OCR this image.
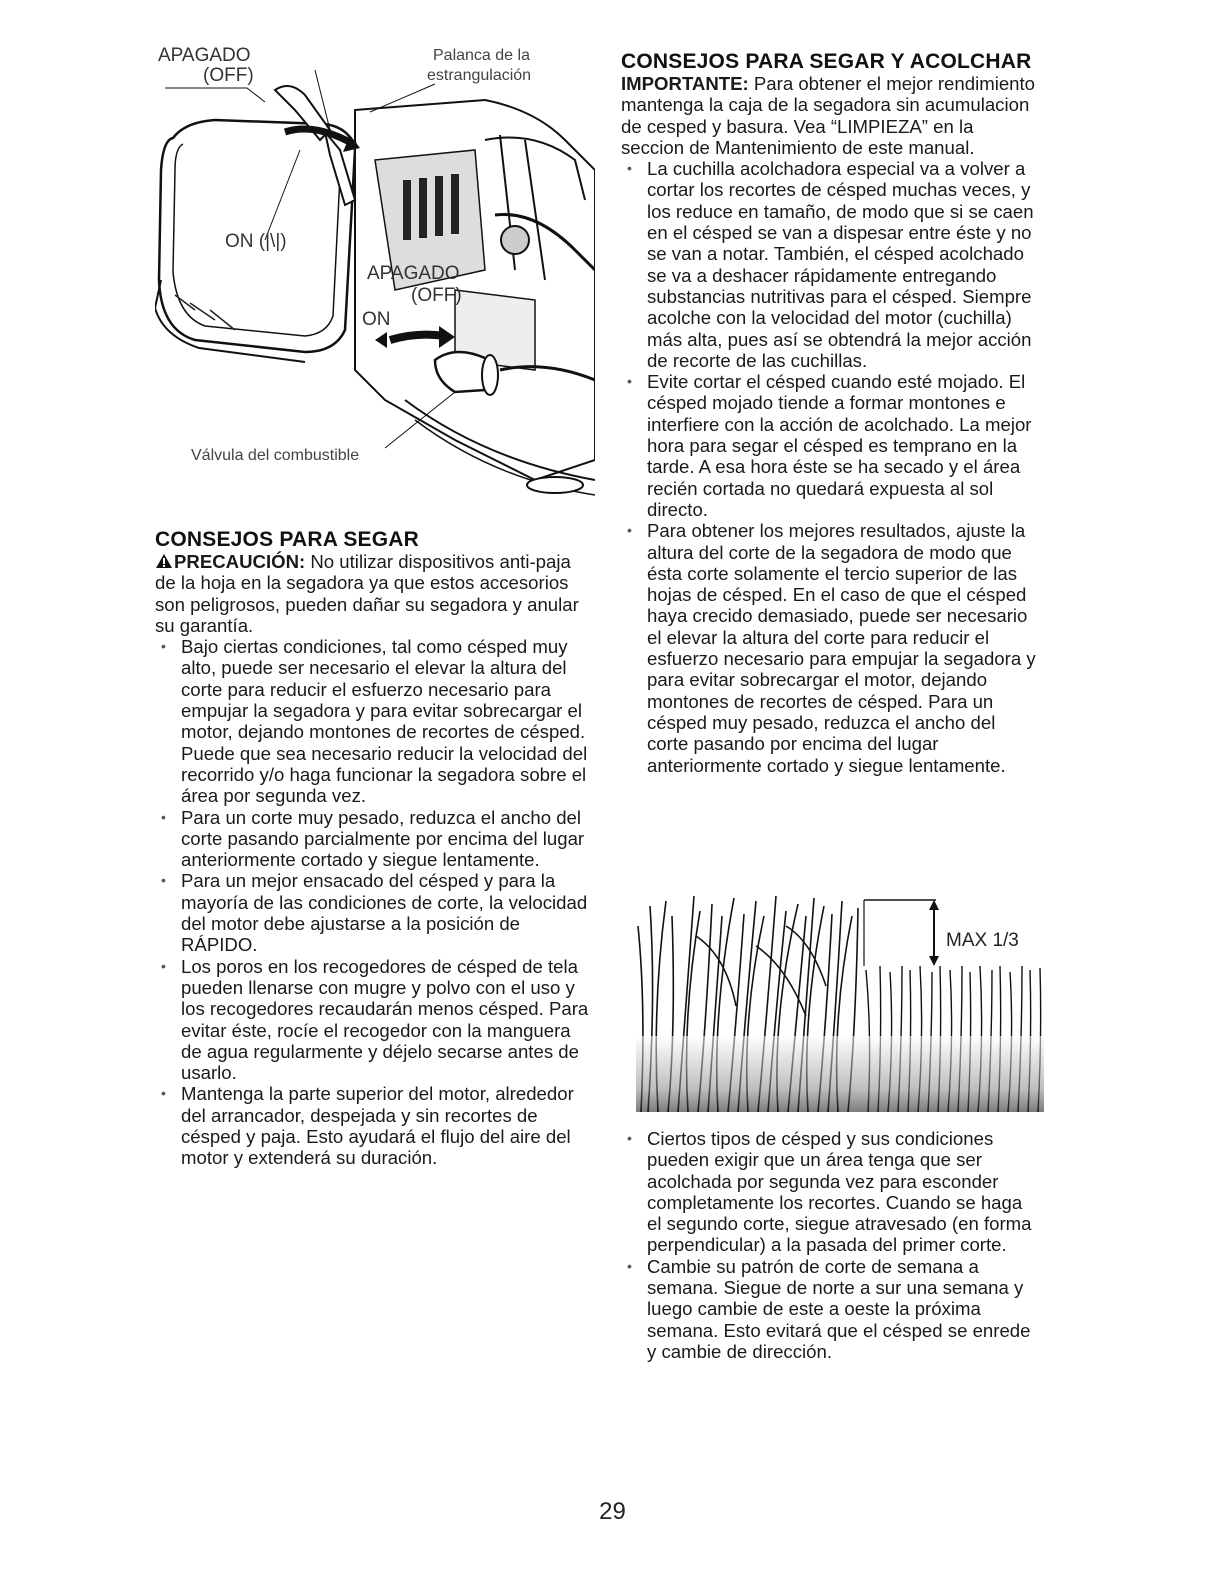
APAGADO
(OFF)
Palanca de la
estrangulación
ON (|\|)
APAGADO
(OFF)
ON
Válvula del combustible
CONSEJOS PARA SEGAR

PRECAUCIÓN: No utilizar dispositivos anti-paja de la hoja en la segadora ya que estos accesorios son peligrosos, pueden dañar su segadora y anular su garantía.

• Bajo ciertas condiciones, tal como césped muy alto, puede ser necesario el elevar la altura del corte para reducir el esfuerzo necesario para empujar la segadora y para evitar sobrecargar el motor, dejando montones de recortes de césped. Puede que sea necesario reducir la velocidad del recorrido y/o haga funcionar la segadora sobre el área por segunda vez.
• Para un corte muy pesado, reduzca el ancho del corte pasando parcialmente por encima del lugar anteriormente cortado y siegue lentamente.
• Para un mejor ensacado del césped y para la mayoría de las condiciones de corte, la velocidad del motor debe ajustarse a la posición de RÁPIDO.
• Los poros en los recogedores de césped de tela pueden llenarse con mugre y polvo con el uso y los recogedores recaudarán menos césped. Para evitar éste, rocíe el recogedor con la manguera de agua regularmente y déjelo secarse antes de usarlo.
• Mantenga la parte superior del motor, alrededor del arrancador, despejada y sin recortes de césped y paja. Esto ayudará el flujo del aire del motor y extenderá su duración.
CONSEJOS PARA SEGAR Y ACOLCHAR

IMPORTANTE: Para obtener el mejor rendimiento mantenga la caja de la segadora sin acumulacion de cesped y basura. Vea “LIMPIEZA” en la seccion de Mantenimiento de este manual.

• La cuchilla acolchadora especial va a volver a cortar los recortes de césped muchas veces, y los reduce en tamaño, de modo que si se caen en el césped se van a dispesar entre éste y no se van a notar. También, el césped acolchado se va a deshacer rápidamente entregando substancias nutritivas para el césped. Siempre acolche con la velocidad del motor (cuchilla) más alta, pues así se obtendrá la mejor acción de recorte de las cuchillas.
• Evite cortar el césped cuando esté mojado. El césped mojado tiende a formar montones e interfiere con la acción de acolchado. La mejor hora para segar el césped es temprano en la tarde. A esa hora éste se ha secado y el área recién cortada no quedará expuesta al sol directo.
• Para obtener los mejores resultados, ajuste la altura del corte de la segadora de modo que ésta corte solamente el tercio superior de las hojas de césped. En el caso de que el césped haya crecido demasiado, puede ser necesario el elevar la altura del corte para reducir el esfuerzo necesario para empujar la segadora y para evitar sobrecargar el motor, dejando montones de recortes de césped. Para un césped muy pesado, reduzca el ancho del corte pasando por encima del lugar anteriormente cortado y siegue lentamente.
MAX 1/3
• Ciertos tipos de césped y sus condiciones pueden exigir que un área tenga que ser acolchada por segunda vez para esconder completamente los recortes. Cuando se haga el segundo corte, siegue atravesado (en forma perpendicular) a la pasada del primer corte.
• Cambie su patrón de corte de semana a semana. Siegue de norte a sur una semana y luego cambie de este a oeste la próxima semana. Esto evitará que el césped se enrede y cambie de dirección.
29
